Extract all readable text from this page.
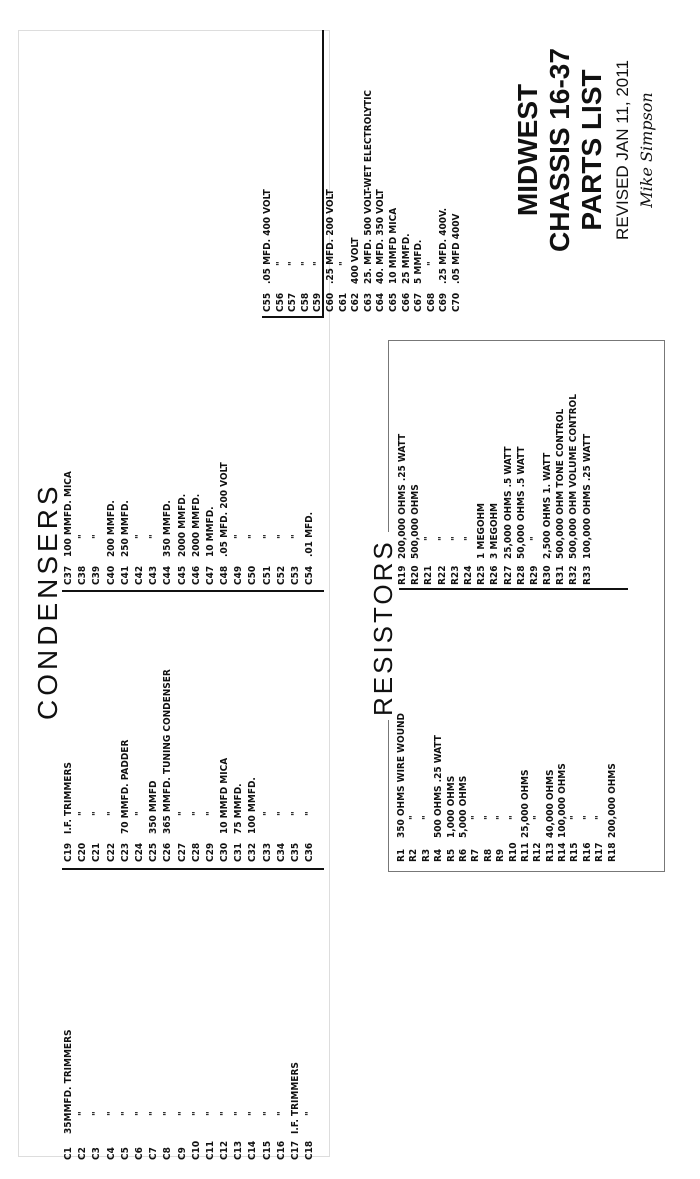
CONDENSERS	RESISTORS
C135MMFD. TRIMMERS
C2"
C3"
C4"
C5"
C6"
C7"
C8"
C9"
C10"
C11"
C12"
C13"
C14"
C15"
C16"
C17I.F. TRIMMERS
C18"
C19I.F. TRIMMERS
C20"
C21"
C22"
C2370 MMFD. PADDER
C24"
C25350 MMFD
C26365 MMFD. TUNING CONDENSER
C27"
C28"
C29"
C3010 MMFD MICA
C3175 MMFD.
C32100 MMFD.
C33"
C34"
C35"
C36"
C37100 MMFD. MICA
C38"
C39"
C40200 MMFD.
C41250 MMFD.
C42"
C43"
C44350 MMFD.
C452000 MMFD.
C462000 MMFD.
C4710 MMFD.
C48.05 MFD. 200 VOLT
C49"
C50"
C51"
C52"
C53"
C54.01 MFD.
C55.05 MFD. 400 VOLT
C56"
C57"
C58"
C59"
C60.25 MFD. 200 VOLT
C61"
C62400 VOLT
C6325. MFD. 500 VOLT-WET ELECTROLYTIC
C6440. MFD. 350 VOLT
C6510 MMFD MICA
C6625 MMFD.
C675 MMFD.
C68"
C69.25 MFD. 400V.
C70.05 MFD 400V
R1350 OHMS WIRE WOUND
R2"
R3"
R4500 OHMS .25 WATT
R51,000 OHMS
R65,000 OHMS
R7"
R8"
R9"
R10"
R1125,000 OHMS
R12"
R1340,000 OHMS
R14100,000 OHMS
R15"
R16"
R17"
R18200,000 OHMS
R19200,000 OHMS .25 WATT
R20500,000 OHMS
R21"
R22"
R23"
R24"
R251 MEGOHM
R263 MEGOHM
R2725,000 OHMS .5 WATT
R2850,000 OHMS .5 WATT
R29"
R302,500 OHMS 1. WATT
R31500,000 OHM TONE CONTROL
R32500,000 OHM VOLUME CONTROL
R33100,000 OHMS .25 WATT
MIDWEST CHASSIS 16-37 PARTS LIST REVISED JAN 11, 2011 Mike Simpson
